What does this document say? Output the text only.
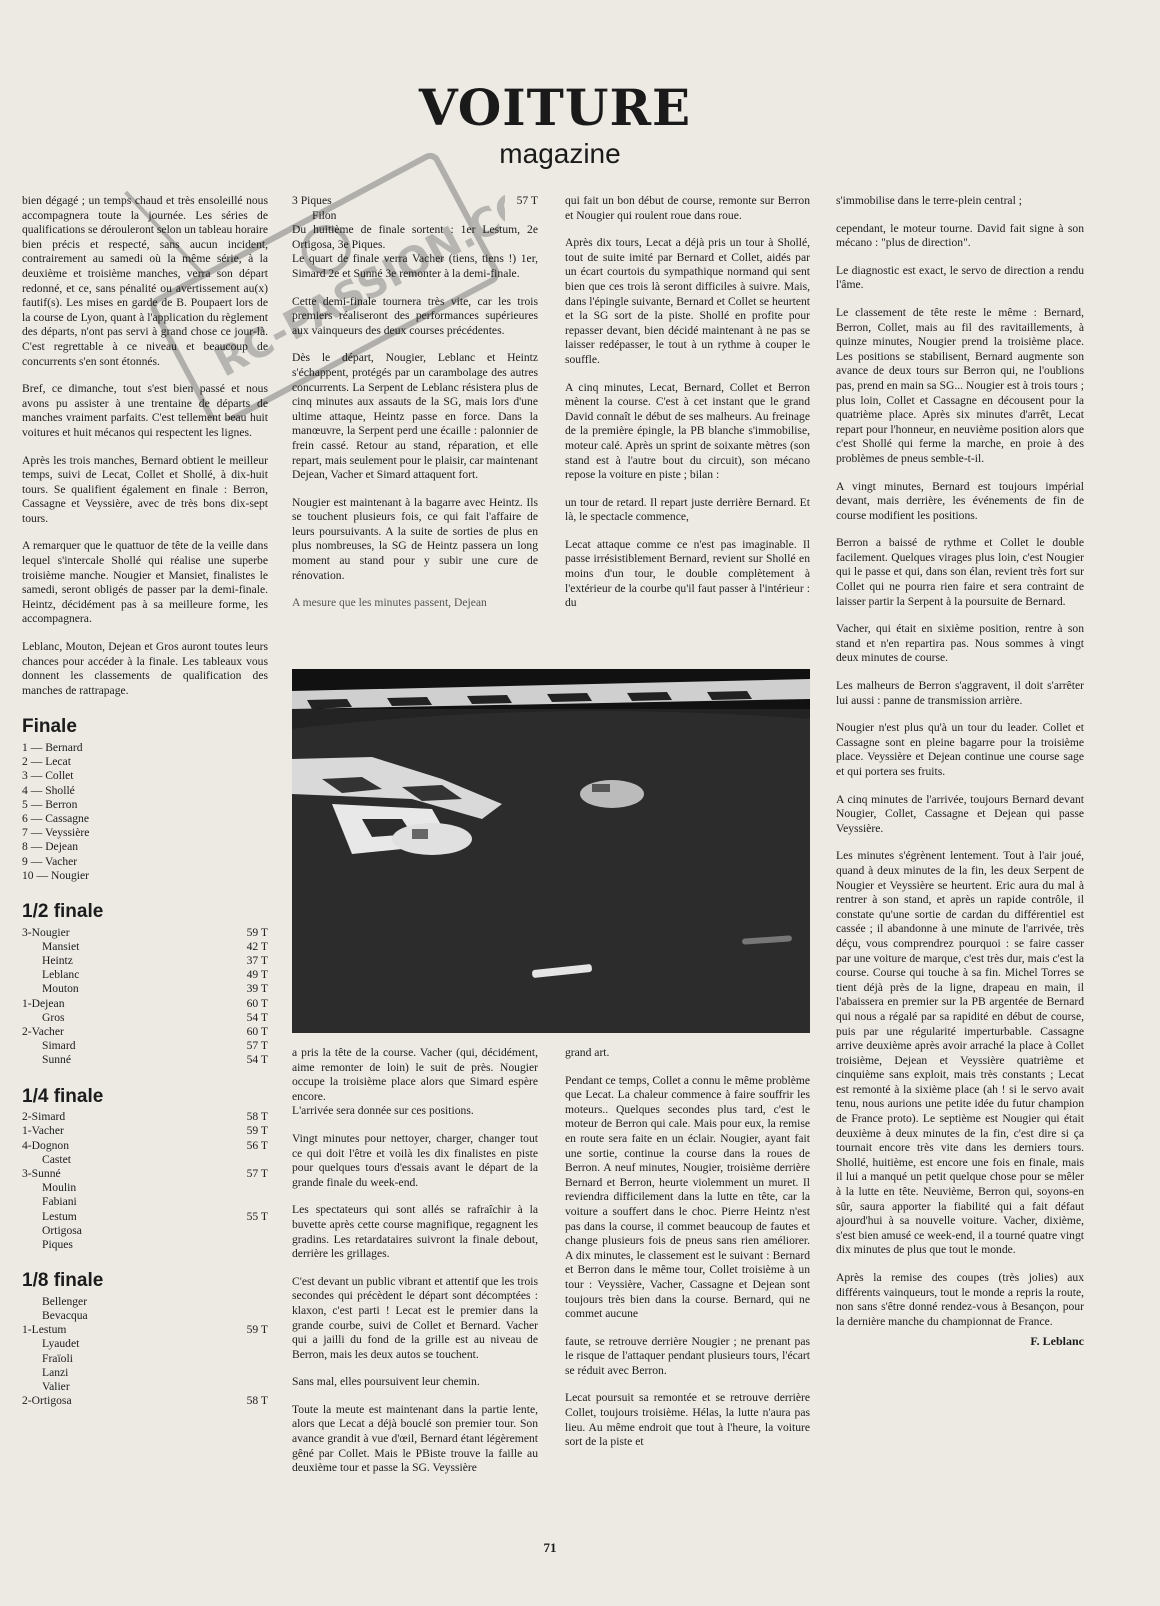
VOITURE
magazine
RC-PASSION.COM

bien dégagé ; un temps chaud et très ensoleillé nous accompagnera toute la journée. Les séries de qualifications se dérouleront selon un tableau horaire bien précis et respecté, sans aucun incident, contrairement au samedi où la même série, à la deuxième et troisième manches, verra son départ redonné, et ce, sans pénalité ou avertissement au(x) fautif(s). Les mises en garde de B. Poupaert lors de la course de Lyon, quant à l'application du règlement des départs, n'ont pas servi à grand chose ce jour-là. C'est regrettable à ce niveau et beaucoup de concurrents s'en sont étonnés.

Bref, ce dimanche, tout s'est bien passé et nous avons pu assister à une trentaine de départs de manches vraiment parfaits. C'est tellement beau huit voitures et huit mécanos qui respectent les lignes.

Après les trois manches, Bernard obtient le meilleur temps, suivi de Lecat, Collet et Shollé, à dix-huit tours. Se qualifient également en finale : Berron, Cassagne et Veyssière, avec de très bons dix-sept tours.

A remarquer que le quattuor de tête de la veille dans lequel s'intercale Shollé qui réalise une superbe troisième manche. Nougier et Mansiet, finalistes le samedi, seront obligés de passer par la demi-finale. Heintz, décidément pas à sa meilleure forme, les accompagnera.

Leblanc, Mouton, Dejean et Gros auront toutes leurs chances pour accéder à la finale. Les tableaux vous donnent les classements de qualification des manches de rattrapage.

Finale
1 — Bernard
2 — Lecat
3 — Collet
4 — Shollé
5 — Berron
6 — Cassagne
7 — Veyssière
8 — Dejean
9 — Vacher
10 — Nougier
1/2 finale
3-Nougier	59 T
Mansiet	42 T
Heintz	37 T
Leblanc	49 T
Mouton	39 T
1-Dejean	60 T
Gros	54 T
2-Vacher	60 T
Simard	57 T
Sunné	54 T
1/4 finale
2-Simard	58 T
1-Vacher	59 T
4-Dognon	56 T
Castet
3-Sunné	57 T
Moulin
Fabiani
Lestum	55 T
Ortigosa
Piques
1/8 finale
Bellenger
Bevacqua
1-Lestum	59 T
Lyaudet
Fraïoli
Lanzi
Valier
2-Ortigosa	58 T
3 Piques	57 T
Filon

Du huitième de finale sortent : 1er Lestum, 2e Ortigosa, 3e Piques.
Le quart de finale verra Vacher (tiens, tiens !) 1er, Simard 2e et Sunné 3e remonter à la demi-finale.

Cette demi-finale tournera très vite, car les trois premiers réaliseront des performances supérieures aux vainqueurs des deux courses précédentes.

Dès le départ, Nougier, Leblanc et Heintz s'échappent, protégés par un carambolage des autres concurrents. La Serpent de Leblanc résistera plus de cinq minutes aux assauts de la SG, mais lors d'une ultime attaque, Heintz passe en force. Dans la manœuvre, la Serpent perd une écaille : palonnier de frein cassé. Retour au stand, réparation, et elle repart, mais seulement pour le plaisir, car maintenant Dejean, Vacher et Simard attaquent fort.

Nougier est maintenant à la bagarre avec Heintz. Ils se touchent plusieurs fois, ce qui fait l'affaire de leurs poursuivants. A la suite de sorties de plus en plus nombreuses, la SG de Heintz passera un long moment au stand pour y subir une cure de rénovation.

A mesure que les minutes passent, Dejean

qui fait un bon début de course, remonte sur Berron et Nougier qui roulent roue dans roue.

Après dix tours, Lecat a déjà pris un tour à Shollé, tout de suite imité par Bernard et Collet, aidés par un écart courtois du sympathique normand qui sent bien que ces trois là seront difficiles à suivre. Mais, dans l'épingle suivante, Bernard et Collet se heurtent et la SG sort de la piste. Shollé en profite pour repasser devant, bien décidé maintenant à ne pas se laisser redépasser, le tout à un rythme à couper le souffle.

A cinq minutes, Lecat, Bernard, Collet et Berron mènent la course. C'est à cet instant que le grand David connaît le début de ses malheurs. Au freinage de la première épingle, la PB blanche s'immobilise, moteur calé. Après un sprint de soixante mètres (son stand est à l'autre bout du circuit), son mécano repose la voiture en piste ; bilan :

un tour de retard. Il repart juste derrière Bernard. Et là, le spectacle commence,

Lecat attaque comme ce n'est pas imaginable. Il passe irrésistiblement Bernard, revient sur Shollé en moins d'un tour, le double complètement à l'extérieur de la courbe qu'il faut passer à l'intérieur : du

s'immobilise dans le terre-plein central ;

cependant, le moteur tourne. David fait signe à son mécano : "plus de direction".

Le diagnostic est exact, le servo de direction a rendu l'âme.

Le classement de tête reste le même : Bernard, Berron, Collet, mais au fil des ravitaillements, à quinze minutes, Nougier prend la troisième place. Les positions se stabilisent, Bernard augmente son avance de deux tours sur Berron qui, ne l'oublions pas, prend en main sa SG... Nougier est à trois tours ; plus loin, Collet et Cassagne en décousent pour la quatrième place. Après six minutes d'arrêt, Lecat repart pour l'honneur, en neuvième position alors que c'est Shollé qui ferme la marche, en proie à des problèmes de pneus semble-t-il.

A vingt minutes, Bernard est toujours impérial devant, mais derrière, les événements de fin de course modifient les positions.

Berron a baissé de rythme et Collet le double facilement. Quelques virages plus loin, c'est Nougier qui le passe et qui, dans son élan, revient très fort sur Collet qui ne pourra rien faire et sera contraint de laisser partir la Serpent à la poursuite de Bernard.

Vacher, qui était en sixième position, rentre à son stand et n'en repartira pas. Nous sommes à vingt deux minutes de course.

Les malheurs de Berron s'aggravent, il doit s'arrêter lui aussi : panne de transmission arrière.

Nougier n'est plus qu'à un tour du leader. Collet et Cassagne sont en pleine bagarre pour la troisième place. Veyssière et Dejean continue une course sage et qui portera ses fruits.

A cinq minutes de l'arrivée, toujours Bernard devant Nougier, Collet, Cassagne et Dejean qui passe Veyssière.

Les minutes s'égrènent lentement. Tout à l'air joué, quand à deux minutes de la fin, les deux Serpent de Nougier et Veyssière se heurtent. Eric aura du mal à rentrer à son stand, et après un rapide contrôle, il constate qu'une sortie de cardan du différentiel est cassée ; il abandonne à une minute de l'arrivée, très déçu, vous comprendrez pourquoi : se faire casser par une voiture de marque, c'est très dur, mais c'est la course. Course qui touche à sa fin. Michel Torres se tient déjà près de la ligne, drapeau en main, il l'abaissera en premier sur la PB argentée de Bernard qui nous a régalé par sa rapidité en début de course, puis par une régularité imperturbable. Cassagne arrive deuxième après avoir arraché la place à Collet troisième, Dejean et Veyssière quatrième et cinquième sans exploit, mais très constants ; Lecat est remonté à la sixième place (ah ! si le servo avait tenu, nous aurions une petite idée du futur champion de France proto). Le septième est Nougier qui était deuxième à deux minutes de la fin, c'est dire si ça tournait encore très vite dans les derniers tours. Shollé, huitième, est encore une fois en finale, mais il lui a manqué un petit quelque chose pour se mêler à la lutte en tête. Neuvième, Berron qui, soyons-en sûr, saura apporter la fiabilité qui a fait défaut ajourd'hui à sa nouvelle voiture. Vacher, dixième, s'est bien amusé ce week-end, il a tourné quatre vingt dix minutes de plus que tout le monde.

Après la remise des coupes (très jolies) aux différents vainqueurs, tout le monde a repris la route, non sans s'être donné rendez-vous à Besançon, pour la dernière manche du championnat de France.

F. Leblanc

a pris la tête de la course. Vacher (qui, décidément, aime remonter de loin) le suit de près. Nougier occupe la troisième place alors que Simard espère encore.
L'arrivée sera donnée sur ces positions.

Vingt minutes pour nettoyer, charger, changer tout ce qui doit l'être et voilà les dix finalistes en piste pour quelques tours d'essais avant le départ de la grande finale du week-end.

Les spectateurs qui sont allés se rafraîchir à la buvette après cette course magnifique, regagnent les gradins. Les retardataires suivront la finale debout, derrière les grillages.

C'est devant un public vibrant et attentif que les trois secondes qui précèdent le départ sont décomptées : klaxon, c'est parti ! Lecat est le premier dans la grande courbe, suivi de Collet et Bernard. Vacher qui a jailli du fond de la grille est au niveau de Berron, mais les deux autos se touchent.

Sans mal, elles poursuivent leur chemin.

Toute la meute est maintenant dans la partie lente, alors que Lecat a déjà bouclé son premier tour. Son avance grandit à vue d'œil, Bernard étant légèrement gêné par Collet. Mais le PBiste trouve la faille au deuxième tour et passe la SG. Veyssière

grand art.

Pendant ce temps, Collet a connu le même problème que Lecat. La chaleur commence à faire souffrir les moteurs.. Quelques secondes plus tard, c'est le moteur de Berron qui cale. Mais pour eux, la remise en route sera faite en un éclair. Nougier, ayant fait une sortie, continue la course dans la roues de Berron. A neuf minutes, Nougier, troisième derrière Bernard et Berron, heurte violemment un muret. Il reviendra difficilement dans la lutte en tête, car la voiture a souffert dans le choc. Pierre Heintz n'est pas dans la course, il commet beaucoup de fautes et change plusieurs fois de pneus sans rien améliorer. A dix minutes, le classement est le suivant : Bernard et Berron dans le même tour, Collet troisième à un tour : Veyssière, Vacher, Cassagne et Dejean sont toujours très bien dans la course. Bernard, qui ne commet aucune

faute, se retrouve derrière Nougier ; ne prenant pas le risque de l'attaquer pendant plusieurs tours, l'écart se réduit avec Berron.

Lecat poursuit sa remontée et se retrouve derrière Collet, toujours troisième. Hélas, la lutte n'aura pas lieu. Au même endroit que tout à l'heure, la voiture sort de la piste et

71
